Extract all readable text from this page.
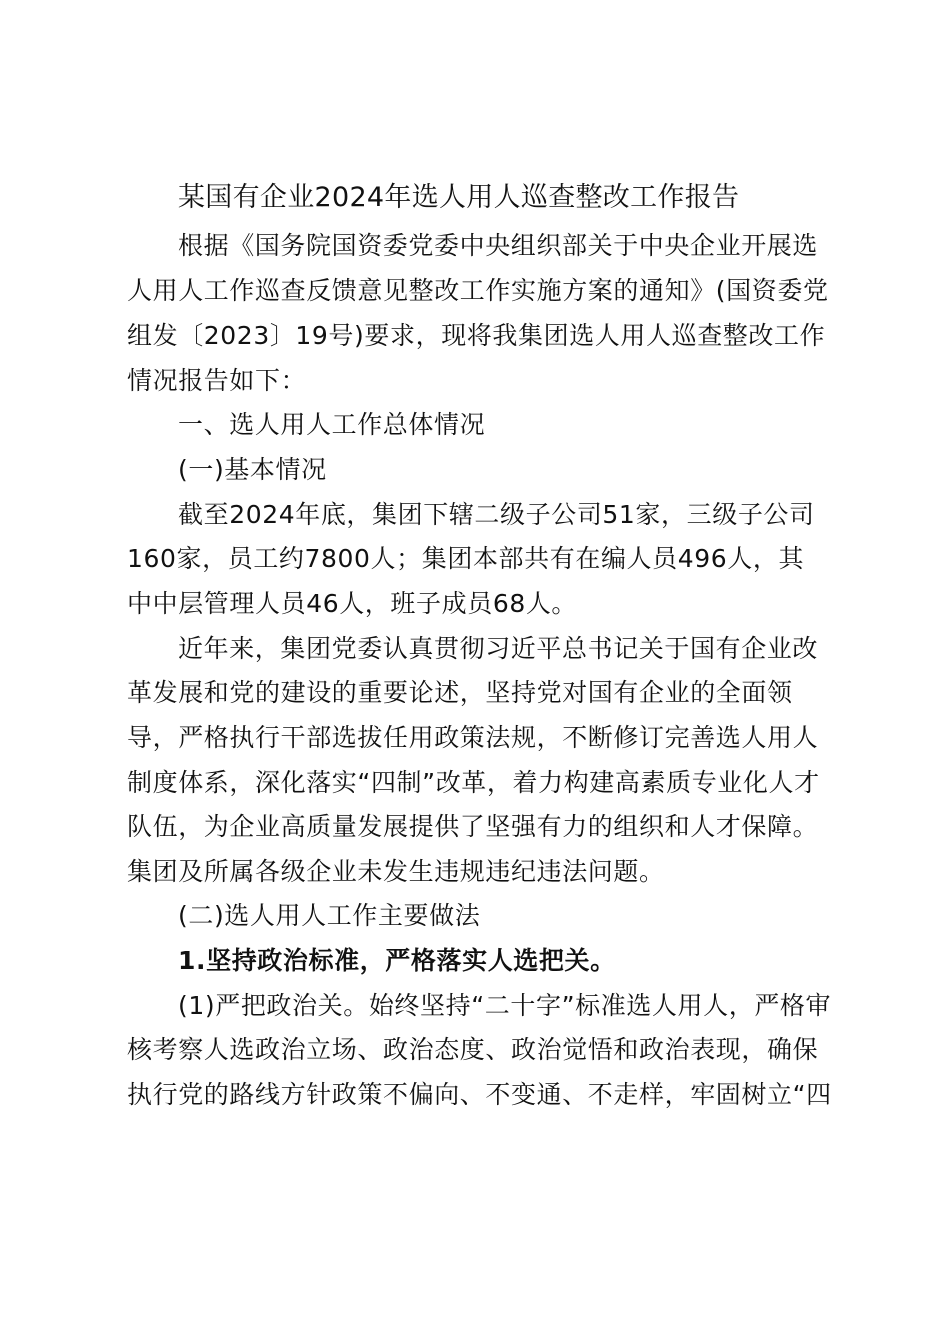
某国有企业2024年选人用人巡查整改工作报告
根据《国务院国资委党委中央组织部关于中央企业开展选
人用人工作巡查反馈意见整改工作实施方案的通知》(国资委党
组发〔2023〕19号)要求，现将我集团选人用人巡查整改工作
情况报告如下：
一、选人用人工作总体情况
(一)基本情况
截至2024年底，集团下辖二级子公司51家，三级子公司
160家，员工约7800人；集团本部共有在编人员496人，其
中中层管理人员46人，班子成员68人。
近年来，集团党委认真贯彻习近平总书记关于国有企业改
革发展和党的建设的重要论述，坚持党对国有企业的全面领
导，严格执行干部选拔任用政策法规，不断修订完善选人用人
制度体系，深化落实“四制”改革，着力构建高素质专业化人才
队伍，为企业高质量发展提供了坚强有力的组织和人才保障。
集团及所属各级企业未发生违规违纪违法问题。
(二)选人用人工作主要做法
1.坚持政治标准，严格落实人选把关。
(1)严把政治关。始终坚持“二十字”标准选人用人，严格审
核考察人选政治立场、政治态度、政治觉悟和政治表现，确保
执行党的路线方针政策不偏向、不变通、不走样，牢固树立“四
